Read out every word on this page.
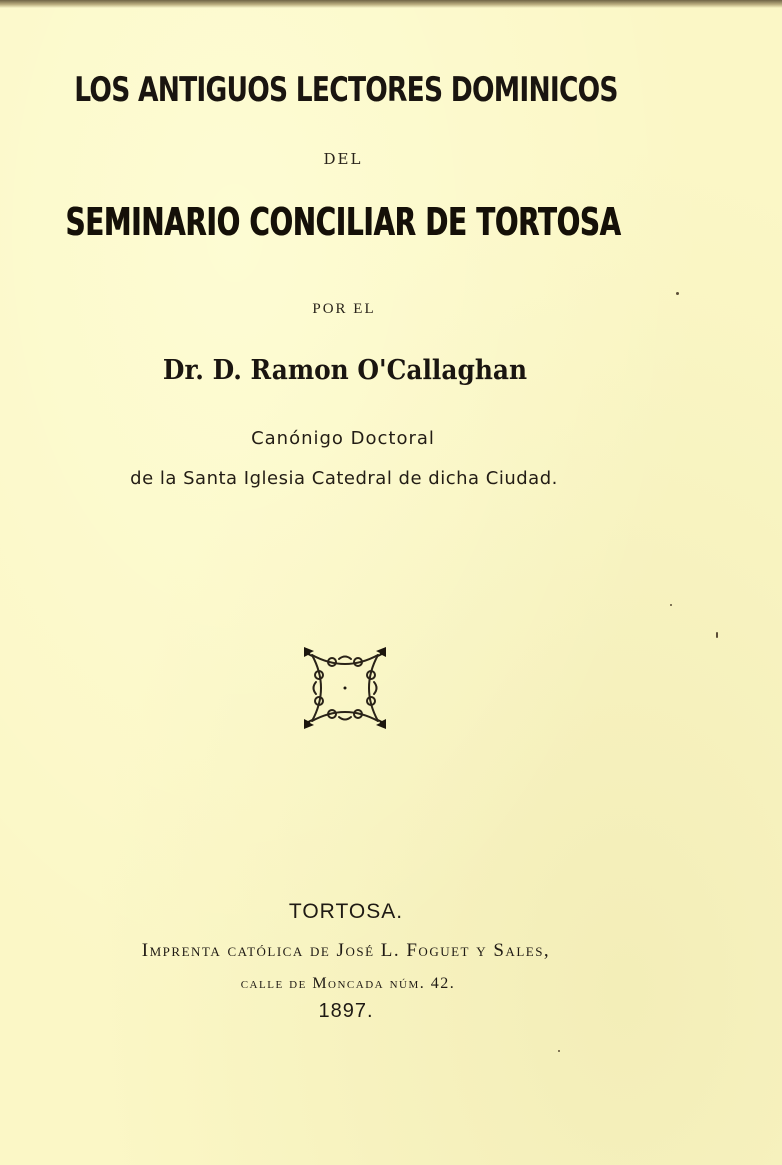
LOS ANTIGUOS LECTORES DOMINICOS
DEL
SEMINARIO CONCILIAR DE TORTOSA
POR EL
Dr. D. Ramon O'Callaghan
Canónigo Doctoral
de la Santa Iglesia Catedral de dicha Ciudad.
TORTOSA.
Imprenta católica de José L. Foguet y Sales,
calle de Moncada núm. 42.
1897.
